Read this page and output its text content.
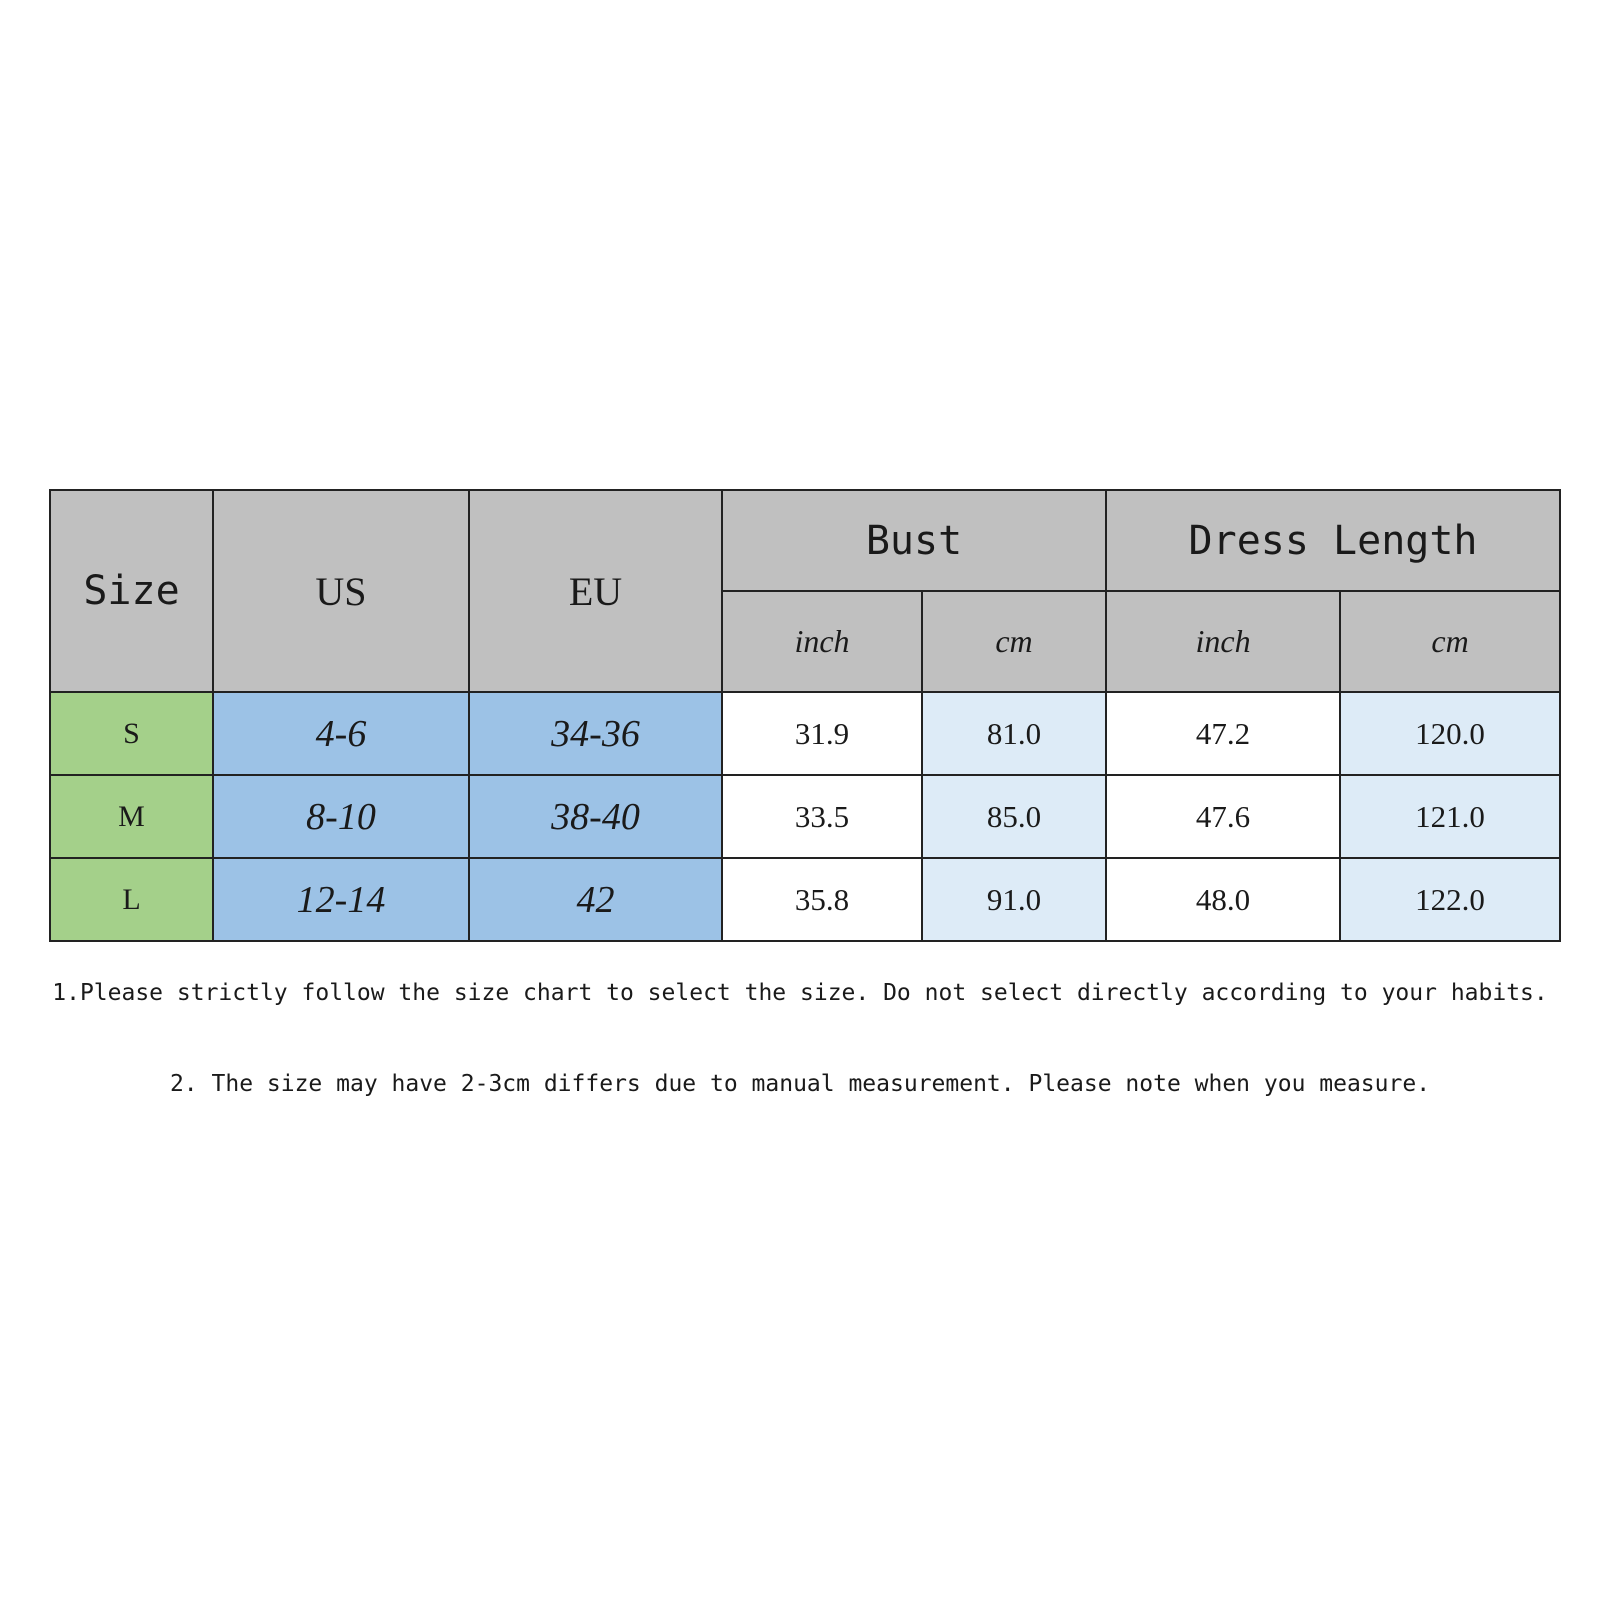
Size	US	EU	Bust		Dress Length	
			inch	cm	inch	cm
S	4-6	34-36	31.9	81.0	47.2	120.0
M	8-10	38-40	33.5	85.0	47.6	121.0
L	12-14	42	35.8	91.0	48.0	122.0
1.Please strictly follow the size chart to select the size. Do not select directly according to your habits.
2. The size may have 2-3cm differs due to manual measurement. Please note when you measure.
